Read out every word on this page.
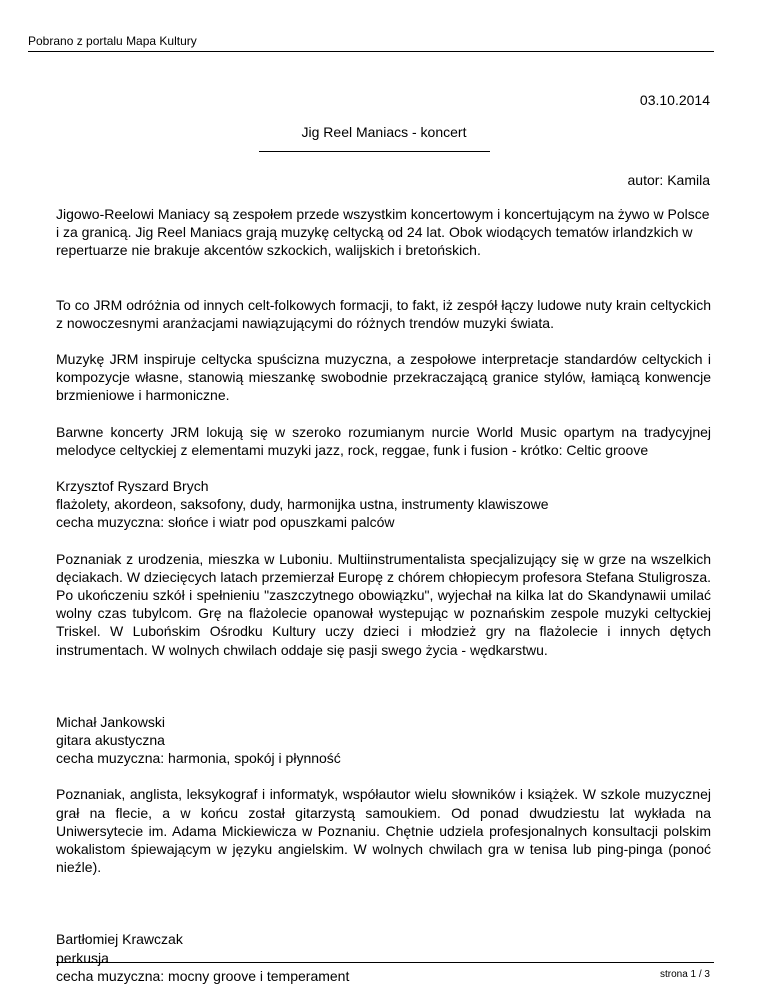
Pobrano z portalu Mapa Kultury
03.10.2014
Jig Reel Maniacs - koncert
autor: Kamila

Jigowo-Reelowi Maniacy są zespołem przede wszystkim koncertowym i koncertującym na żywo w Polsce i za granicą. Jig Reel Maniacs grają muzykę celtycką od 24 lat. Obok wiodących tematów irlandzkich w repertuarze nie brakuje akcentów szkockich, walijskich i bretońskich.

To co JRM odróżnia od innych celt-folkowych formacji, to fakt, iż zespół łączy ludowe nuty krain celtyckich z nowoczesnymi aranżacjami nawiązującymi do różnych trendów muzyki świata.

Muzykę JRM inspiruje celtycka spuścizna muzyczna, a zespołowe interpretacje standardów celtyckich i kompozycje własne, stanowią mieszankę swobodnie przekraczającą granice stylów, łamiącą konwencje brzmieniowe i harmoniczne.

Barwne koncerty JRM lokują się w szeroko rozumianym nurcie World Music opartym na tradycyjnej melodyce celtyckiej z elementami muzyki jazz, rock, reggae, funk i fusion - krótko: Celtic groove

Krzysztof Ryszard Brych

flażolety, akordeon, saksofony, dudy, harmonijka ustna, instrumenty klawiszowe

cecha muzyczna: słońce i wiatr pod opuszkami palców

Poznaniak z urodzenia, mieszka w Luboniu. Multiinstrumentalista specjalizujący się w grze na wszelkich dęciakach. W dziecięcych latach przemierzał Europę z chórem chłopiecym profesora Stefana Stuligrosza. Po ukończeniu szkół i spełnieniu "zaszczytnego obowiązku", wyjechał na kilka lat do Skandynawii umilać wolny czas tubylcom. Grę na flażolecie opanował wystepując w poznańskim zespole muzyki celtyckiej Triskel. W Lubońskim Ośrodku Kultury uczy dzieci i młodzież gry na flażolecie i innych dętych instrumentach. W wolnych chwilach oddaje się pasji swego życia - wędkarstwu.

Michał Jankowski

gitara akustyczna

cecha muzyczna: harmonia, spokój i płynność

Poznaniak, anglista, leksykograf i informatyk, współautor wielu słowników i książek. W szkole muzycznej grał na flecie, a w końcu został gitarzystą samoukiem. Od ponad dwudziestu lat wykłada na Uniwersytecie im. Adama Mickiewicza w Poznaniu. Chętnie udziela profesjonalnych konsultacji polskim wokalistom śpiewającym w języku angielskim. W wolnych chwilach gra w tenisa lub ping-pinga (ponoć nieźle).

Bartłomiej Krawczak

perkusja

cecha muzyczna: mocny groove i temperament	strona 1 / 3
